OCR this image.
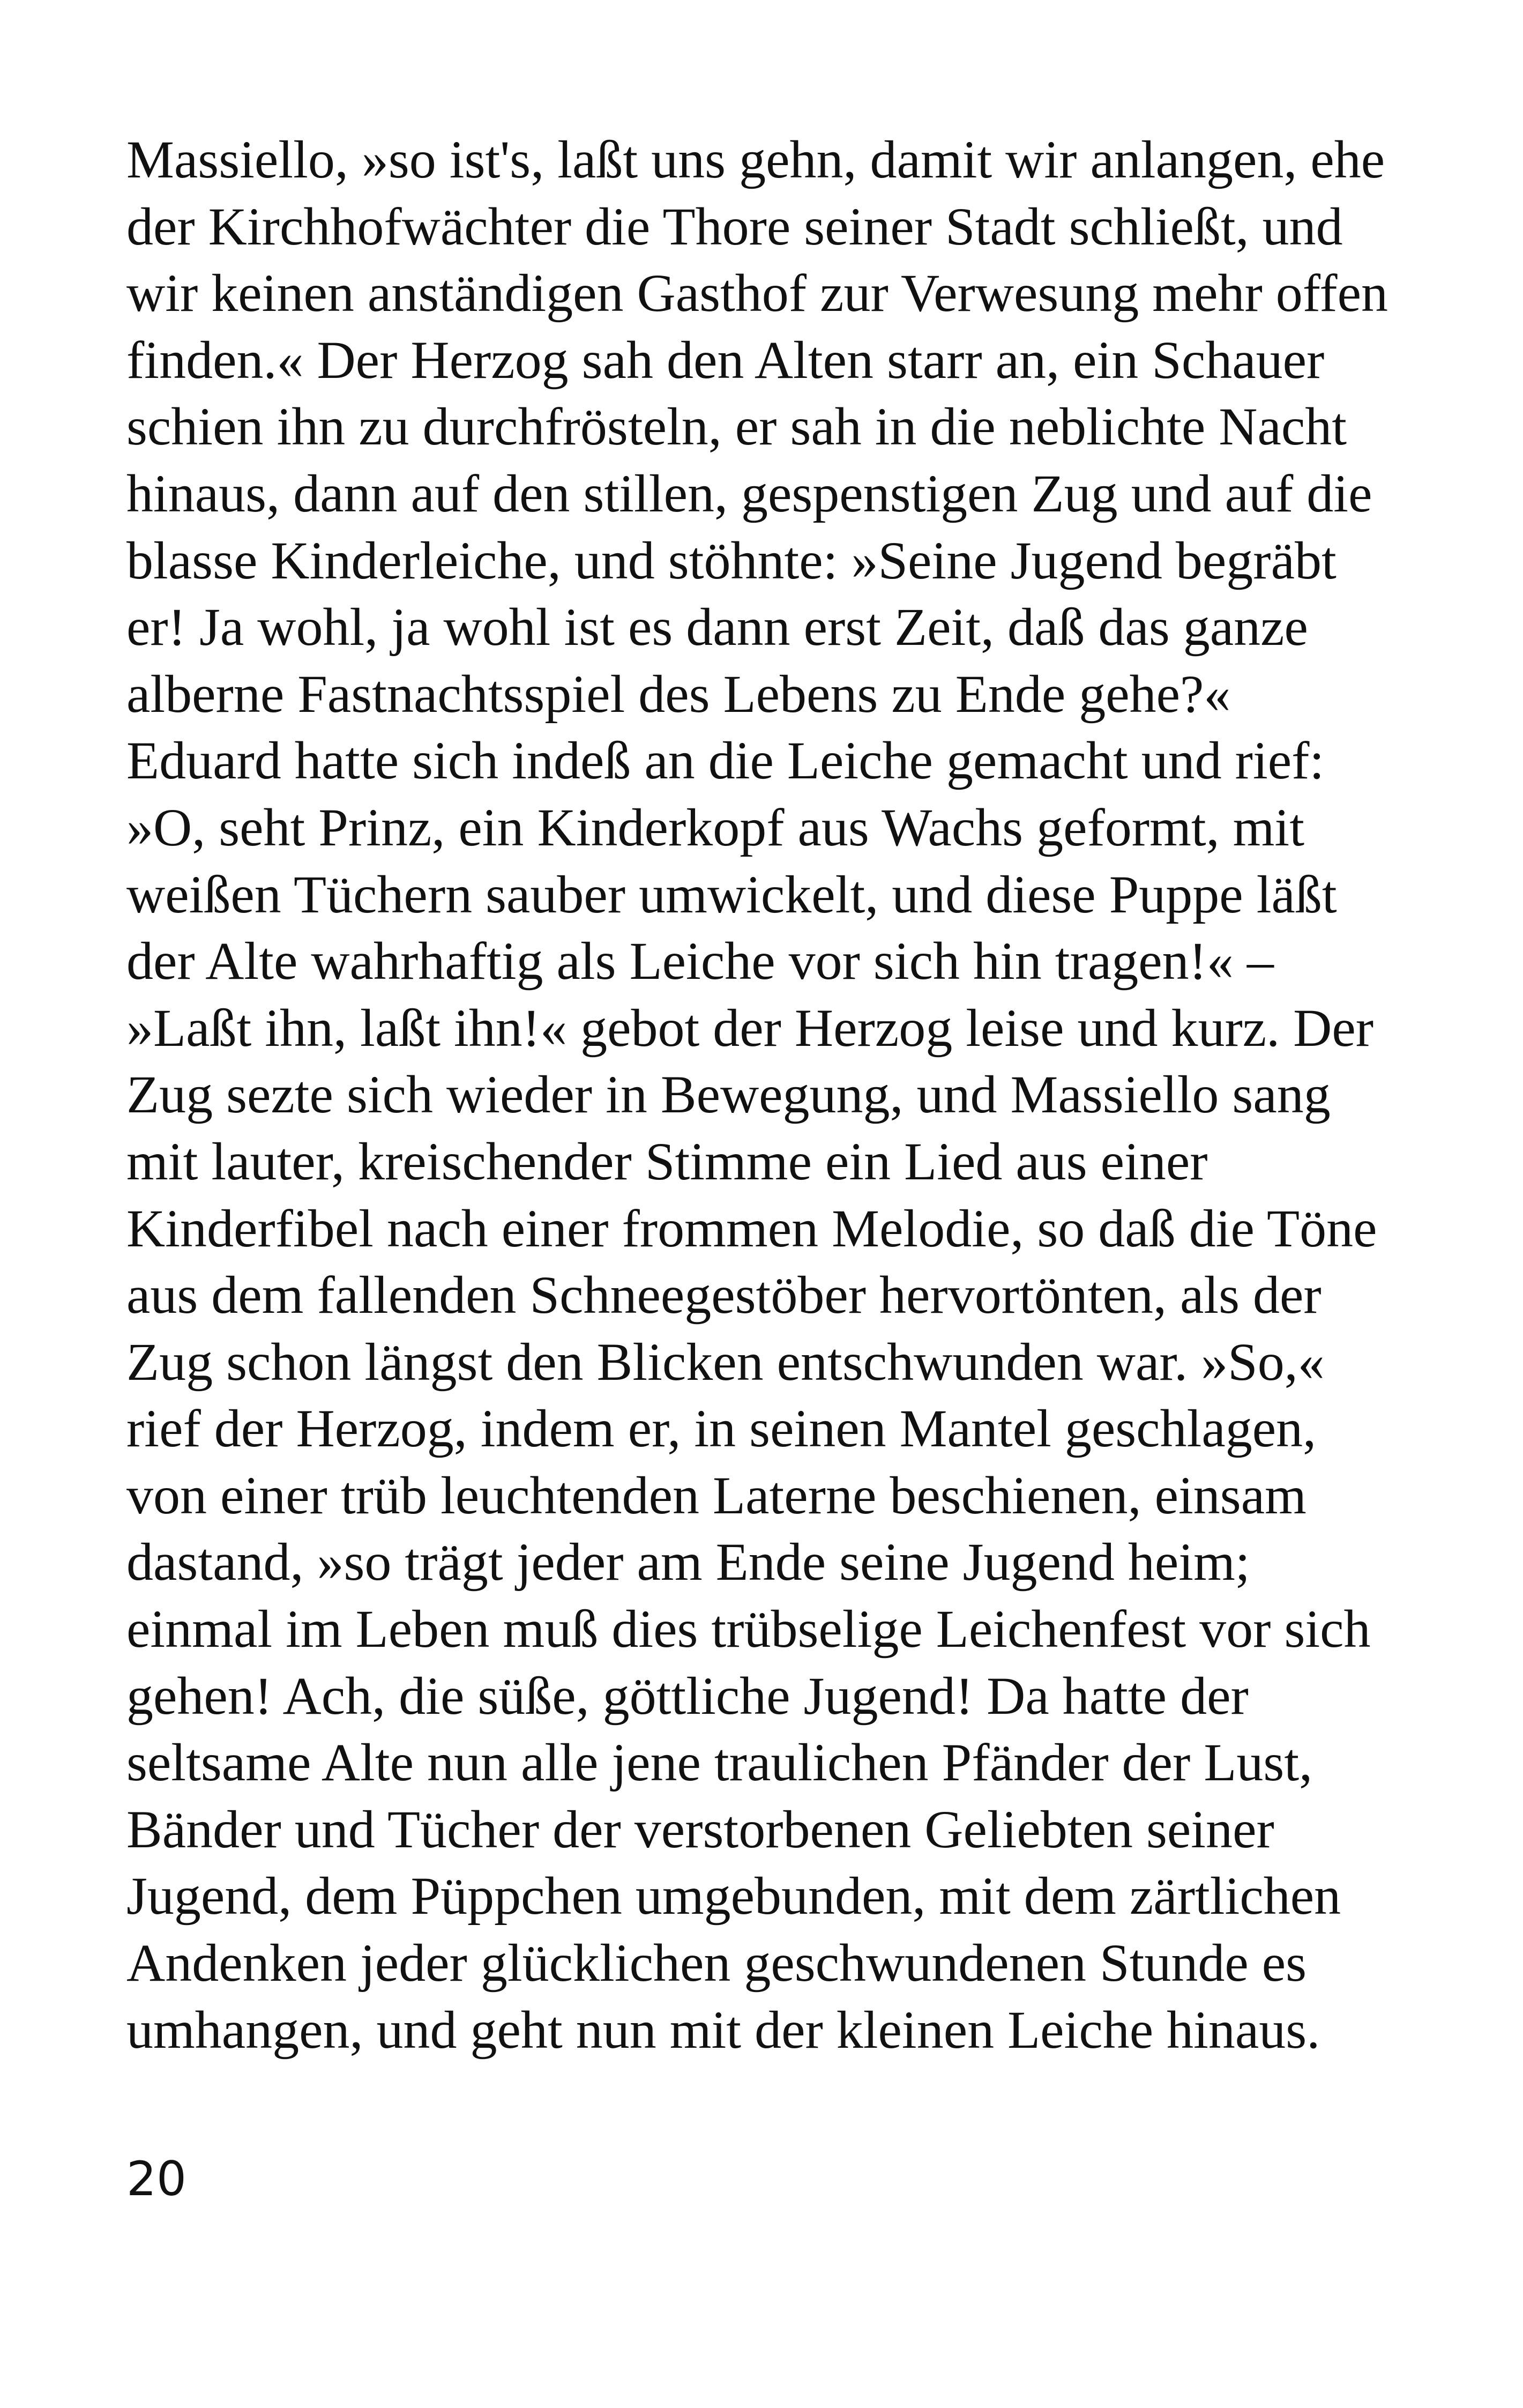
Massiello, »so ist's, laßt uns gehn, damit wir anlangen, ehe
der Kirchhofwächter die Thore seiner Stadt schließt, und
wir keinen anständigen Gasthof zur Verwesung mehr offen
finden.« Der Herzog sah den Alten starr an, ein Schauer
schien ihn zu durchfrösteln, er sah in die neblichte Nacht
hinaus, dann auf den stillen, gespenstigen Zug und auf die
blasse Kinderleiche, und stöhnte: »Seine Jugend begräbt
er! Ja wohl, ja wohl ist es dann erst Zeit, daß das ganze
alberne Fastnachtsspiel des Lebens zu Ende gehe?«
Eduard hatte sich indeß an die Leiche gemacht und rief:
»O, seht Prinz, ein Kinderkopf aus Wachs geformt, mit
weißen Tüchern sauber umwickelt, und diese Puppe läßt
der Alte wahrhaftig als Leiche vor sich hin tragen!« –
»Laßt ihn, laßt ihn!« gebot der Herzog leise und kurz. Der
Zug sezte sich wieder in Bewegung, und Massiello sang
mit lauter, kreischender Stimme ein Lied aus einer
Kinderfibel nach einer frommen Melodie, so daß die Töne
aus dem fallenden Schneegestöber hervortönten, als der
Zug schon längst den Blicken entschwunden war. »So,«
rief der Herzog, indem er, in seinen Mantel geschlagen,
von einer trüb leuchtenden Laterne beschienen, einsam
dastand, »so trägt jeder am Ende seine Jugend heim;
einmal im Leben muß dies trübselige Leichenfest vor sich
gehen! Ach, die süße, göttliche Jugend! Da hatte der
seltsame Alte nun alle jene traulichen Pfänder der Lust,
Bänder und Tücher der verstorbenen Geliebten seiner
Jugend, dem Püppchen umgebunden, mit dem zärtlichen
Andenken jeder glücklichen geschwundenen Stunde es
umhangen, und geht nun mit der kleinen Leiche hinaus.
20
